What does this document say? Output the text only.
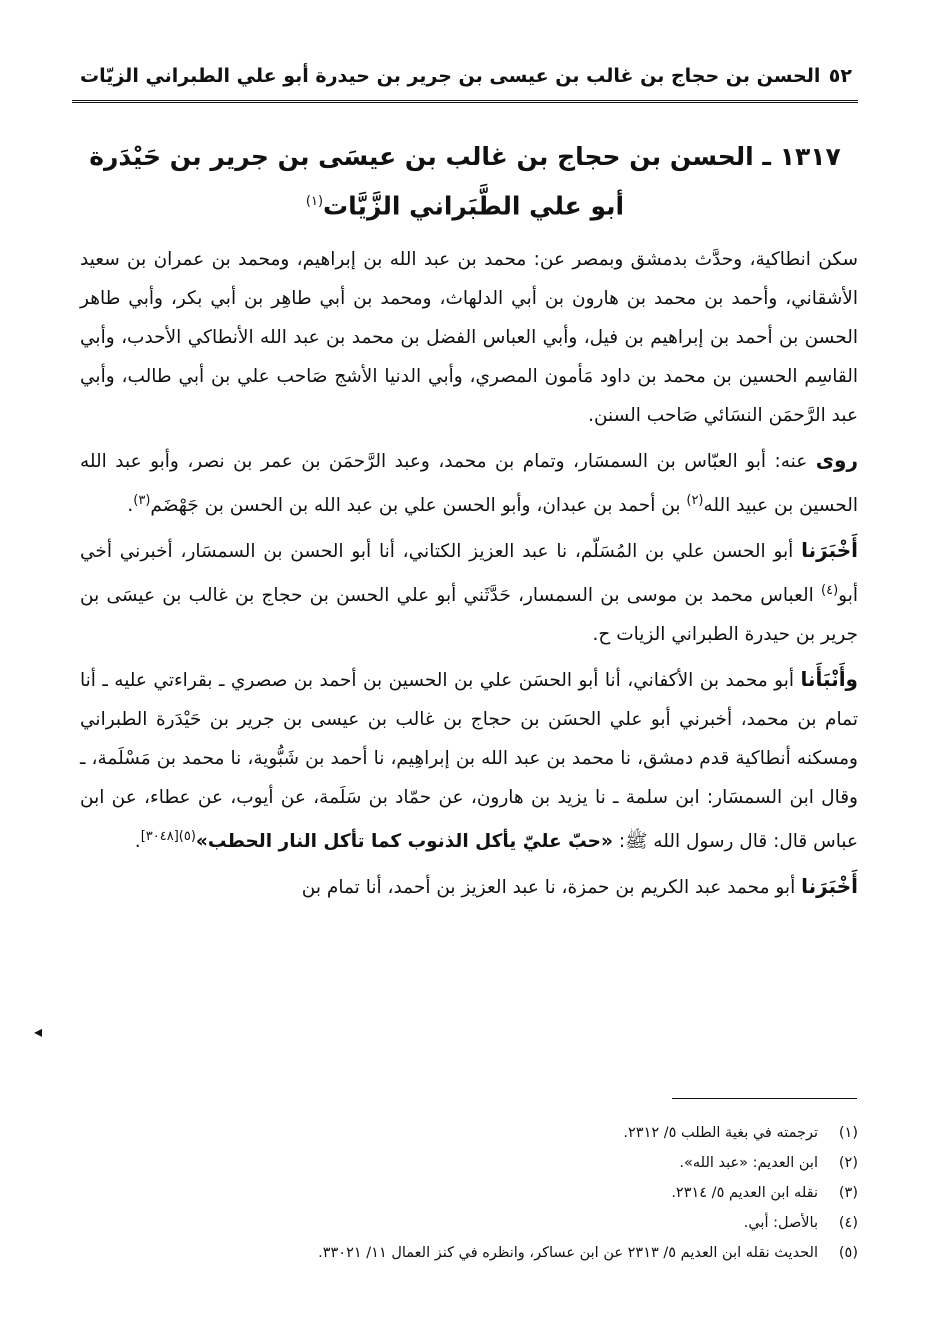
٥٢
الحسن بن حجاج بن غالب بن عيسى بن جرير بن حيدرة أبو علي الطبراني الزيّات
١٣١٧ ـ الحسن بن حجاج بن غالب بن عيسَى بن جرير بن حَيْدَرة
أبو علي الطَّبَراني الزَّيَّات$^{(١)}$

سكن انطاكية، وحدَّث بدمشق وبمصر عن: محمد بن عبد الله بن إبراهيم، ومحمد بن عمران بن سعيد الأشقاني، وأحمد بن محمد بن هارون بن أبي الدلهاث، ومحمد بن أبي طاهِر بن أبي بكر، وأبي طاهر الحسن بن أحمد بن إبراهيم بن فيل، وأبي العباس الفضل بن محمد بن عبد الله الأنطاكي الأحدب، وأبي القاسِم الحسين بن محمد بن داود مَأمون المصري، وأبي الدنيا الأشج صَاحب علي بن أبي طالب، وأبي عبد الرَّحمَن النسَائي صَاحب السنن.

روى عنه: أبو العبّاس بن السمسَار، وتمام بن محمد، وعبد الرَّحمَن بن عمر بن نصر، وأبو عبد الله الحسين بن عبيد الله$^{(٢)}$ بن أحمد بن عبدان، وأبو الحسن علي بن عبد الله بن الحسن بن جَهْضَم$^{(٣)}$.

أَخْبَرَنا أبو الحسن علي بن المُسَلّم، نا عبد العزيز الكتاني، أنا أبو الحسن بن السمسَار، أخبرني أخي أبو$^{(٤)}$ العباس محمد بن موسى بن السمسار، حَدَّثَني أبو علي الحسن بن حجاج بن غالب بن عيسَى بن جرير بن حيدرة الطبراني الزيات ح.

وأَنْبَأَنا أبو محمد بن الأكفاني، أنا أبو الحسَن علي بن الحسين بن أحمد بن صصري ـ بقراءتي عليه ـ أنا تمام بن محمد، أخبرني أبو علي الحسَن بن حجاج بن غالب بن عيسى بن جرير بن حَيْدَرة الطبراني ومسكنه أنطاكية قدم دمشق، نا محمد بن عبد الله بن إبراهِيم، نا أحمد بن شَبُّوية، نا محمد بن مَسْلَمة، ـ وقال ابن السمسَار: ابن سلمة ـ نا يزيد بن هارون، عن حمّاد بن سَلَمة، عن أيوب، عن عطاء، عن ابن عباس قال: قال رسول الله ﷺ: «حبّ عليّ يأكل الذنوب كما تأكل النار الحطب»$^{(٥)[٣٠٤٨]}$.

أَخْبَرَنا أبو محمد عبد الكريم بن حمزة، نا عبد العزيز بن أحمد، أنا تمام بن

◂
(١)
ترجمته في بغية الطلب ٥/ ٢٣١٢.
(٢)
ابن العديم: «عبد الله».
(٣)
نقله ابن العديم ٥/ ٢٣١٤.
(٤)
بالأصل: أبي.
(٥)
الحديث نقله ابن العديم ٥/ ٢٣١٣ عن ابن عساكر، وانظره في كنز العمال ١١/ ٣٣٠٢١.
